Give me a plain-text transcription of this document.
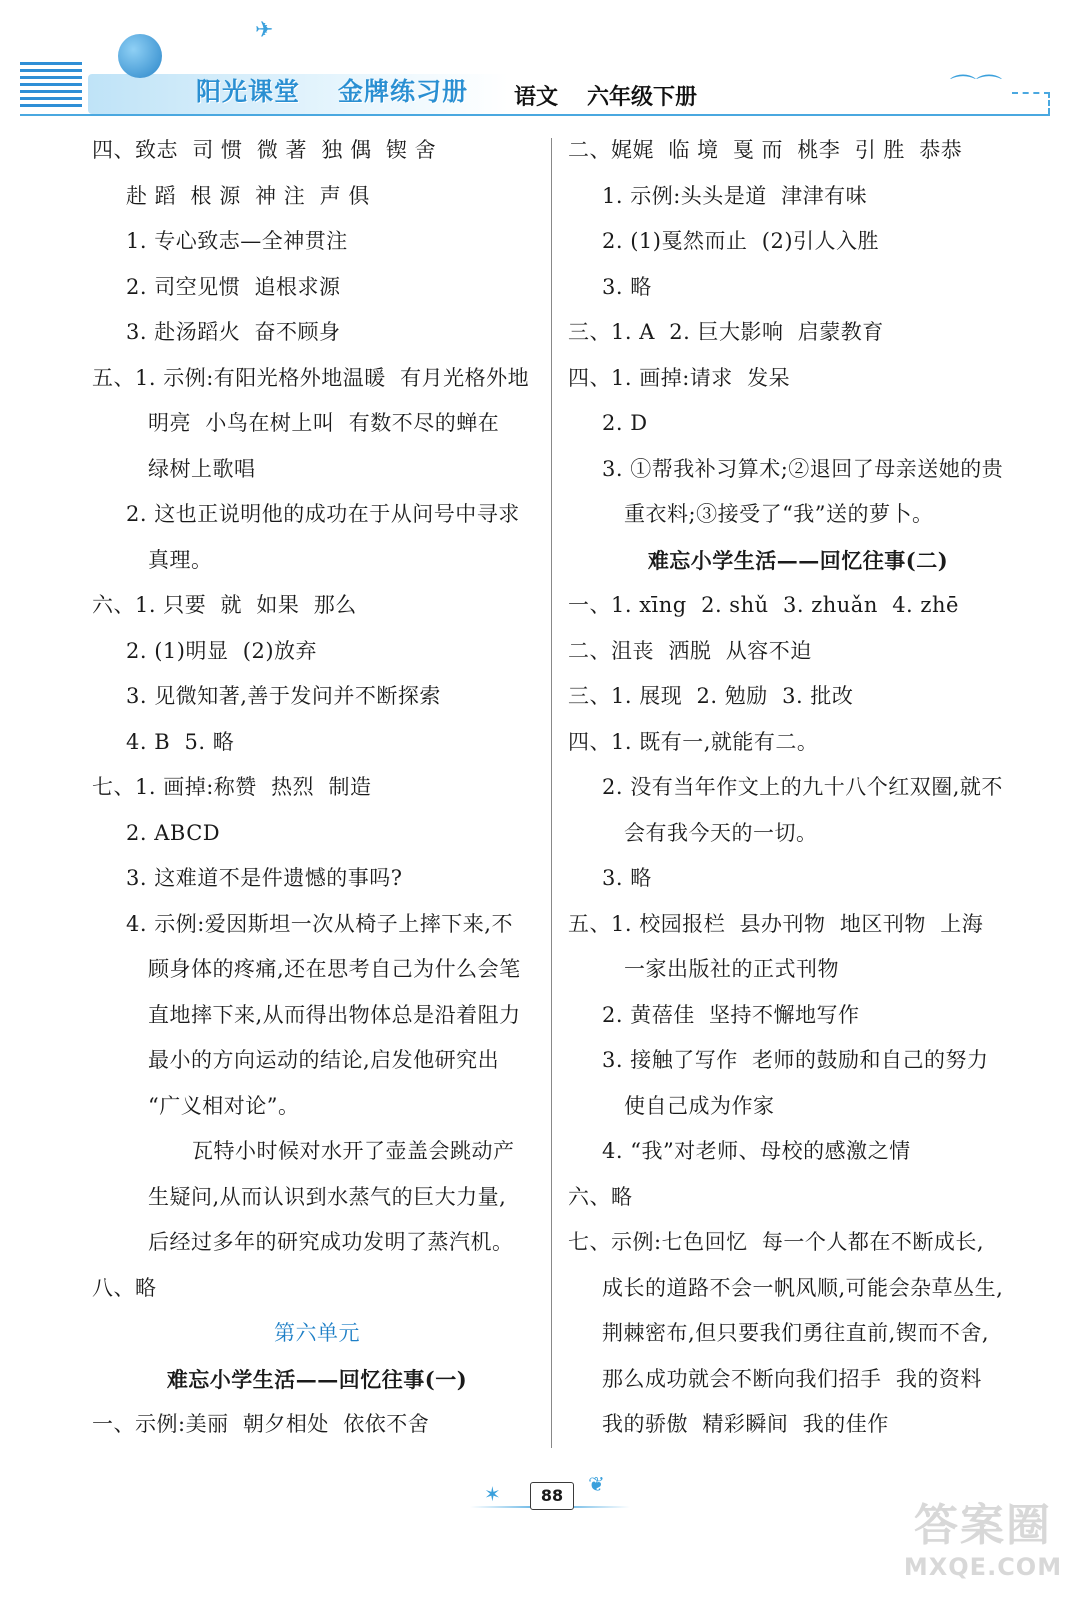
✈
⌒⌒
阳光课堂 金牌练习册 语文 六年级下册
四、致志  司 惯  微 著  独 偶  锲 舍
赴 蹈  根 源  神 注  声 俱
1. 专心致志—全神贯注
2. 司空见惯  追根求源
3. 赴汤蹈火  奋不顾身
五、1. 示例:有阳光格外地温暖  有月光格外地
明亮  小鸟在树上叫  有数不尽的蝉在
绿树上歌唱
2. 这也正说明他的成功在于从问号中寻求
真理。
六、1. 只要  就  如果  那么
2. (1)明显  (2)放弃
3. 见微知著,善于发问并不断探索
4. B  5. 略
七、1. 画掉:称赞  热烈  制造
2. ABCD
3. 这难道不是件遗憾的事吗?
4. 示例:爱因斯坦一次从椅子上摔下来,不
顾身体的疼痛,还在思考自己为什么会笔
直地摔下来,从而得出物体总是沿着阻力
最小的方向运动的结论,启发他研究出
“广义相对论”。
瓦特小时候对水开了壶盖会跳动产
生疑问,从而认识到水蒸气的巨大力量,
后经过多年的研究成功发明了蒸汽机。
八、略
第六单元
难忘小学生活——回忆往事(一)
一、示例:美丽  朝夕相处  依依不舍
二、娓娓  临 境  戛 而  桃李  引 胜  恭恭
1. 示例:头头是道  津津有味
2. (1)戛然而止  (2)引人入胜
3. 略
三、1. A  2. 巨大影响  启蒙教育
四、1. 画掉:请求  发呆
2. D
3. ①帮我补习算术;②退回了母亲送她的贵
重衣料;③接受了“我”送的萝卜。
难忘小学生活——回忆往事(二)
一、1. xīng  2. shǔ  3. zhuǎn  4. zhē
二、沮丧  洒脱  从容不迫
三、1. 展现  2. 勉励  3. 批改
四、1. 既有一,就能有二。
2. 没有当年作文上的九十八个红双圈,就不
会有我今天的一切。
3. 略
五、1. 校园报栏  县办刊物  地区刊物  上海
一家出版社的正式刊物
2. 黄蓓佳  坚持不懈地写作
3. 接触了写作  老师的鼓励和自己的努力
使自己成为作家
4. “我”对老师、母校的感激之情
六、略
七、示例:七色回忆  每一个人都在不断成长,
成长的道路不会一帆风顺,可能会杂草丛生,
荆棘密布,但只要我们勇往直前,锲而不舍,
那么成功就会不断向我们招手  我的资料
我的骄傲  精彩瞬间  我的佳作
✶	❦
88
答案圈
MXQE.COM
